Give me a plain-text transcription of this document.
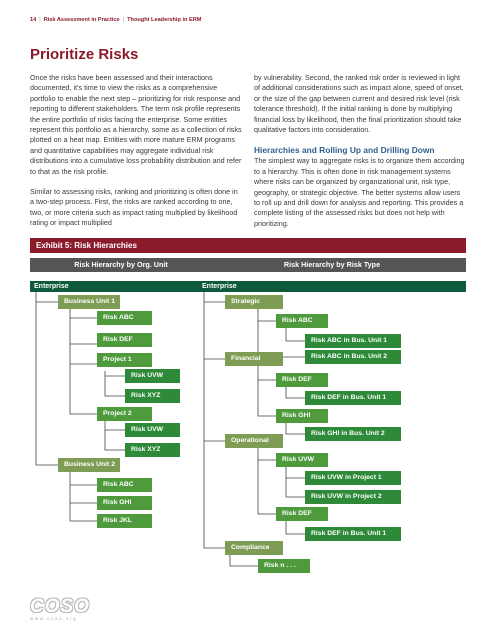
14 | Risk Assessment in Practice | Thought Leadership in ERM
Prioritize Risks

Once the risks have been assessed and their interactions documented, it's time to view the risks as a comprehensive portfolio to enable the next step – prioritizing for risk response and reporting to different stakeholders. The term risk profile represents the entire portfolio of risks facing the enterprise. Some entities represent this portfolio as a hierarchy, some as a collection of risks plotted on a heat map. Entities with more mature ERM programs and quantitative capabilities may aggregate individual risk distributions into a cumulative loss probability distribution and refer to that as the risk profile.

Similar to assessing risks, ranking and prioritizing is often done in a two-step process. First, the risks are ranked according to one, two, or more criteria such as impact rating multiplied by likelihood rating or impact multiplied

by vulnerability. Second, the ranked risk order is reviewed in light of additional considerations such as impact alone, speed of onset, or the size of the gap between current and desired risk level (risk tolerance threshold). If the initial ranking is done by multiplying financial loss by likelihood, then the final prioritization should take qualitative factors into consideration.

Hierarchies and Rolling Up and Drilling Down

The simplest way to aggregate risks is to organize them according to a hierarchy. This is often done in risk management systems where risks can be organized by organizational unit, risk type, geography, or strategic objective. The better systems allow users to roll up and drill down for analysis and reporting. This provides a complete listing of the assessed risks but does not help with prioritizing.

Exhibit 5: Risk Hierarchies
Risk Hierarchy by Org. Unit	Risk Hierarchy by Risk Type
Enterprise
Business Unit 1
Risk ABC
Risk DEF
Project 1
Risk UVW
Risk XYZ
Project 2
Risk UVW
Risk XYZ
Business Unit 2
Risk ABC
Risk GHI
Risk JKL
Enterprise
Strategic
Risk ABC
Risk ABC in Bus. Unit 1
Financial	Risk ABC in Bus. Unit 2
Risk DEF
Risk DEF in Bus. Unit 1
Risk GHI
Operational
Risk GHI in Bus. Unit 2
Risk UVW
Risk UVW in Project 1
Risk UVW in Project 2
Risk DEF
Risk DEF in Bus. Unit 1
Compliance
Risk n . . .
COSO
www.coso.org
